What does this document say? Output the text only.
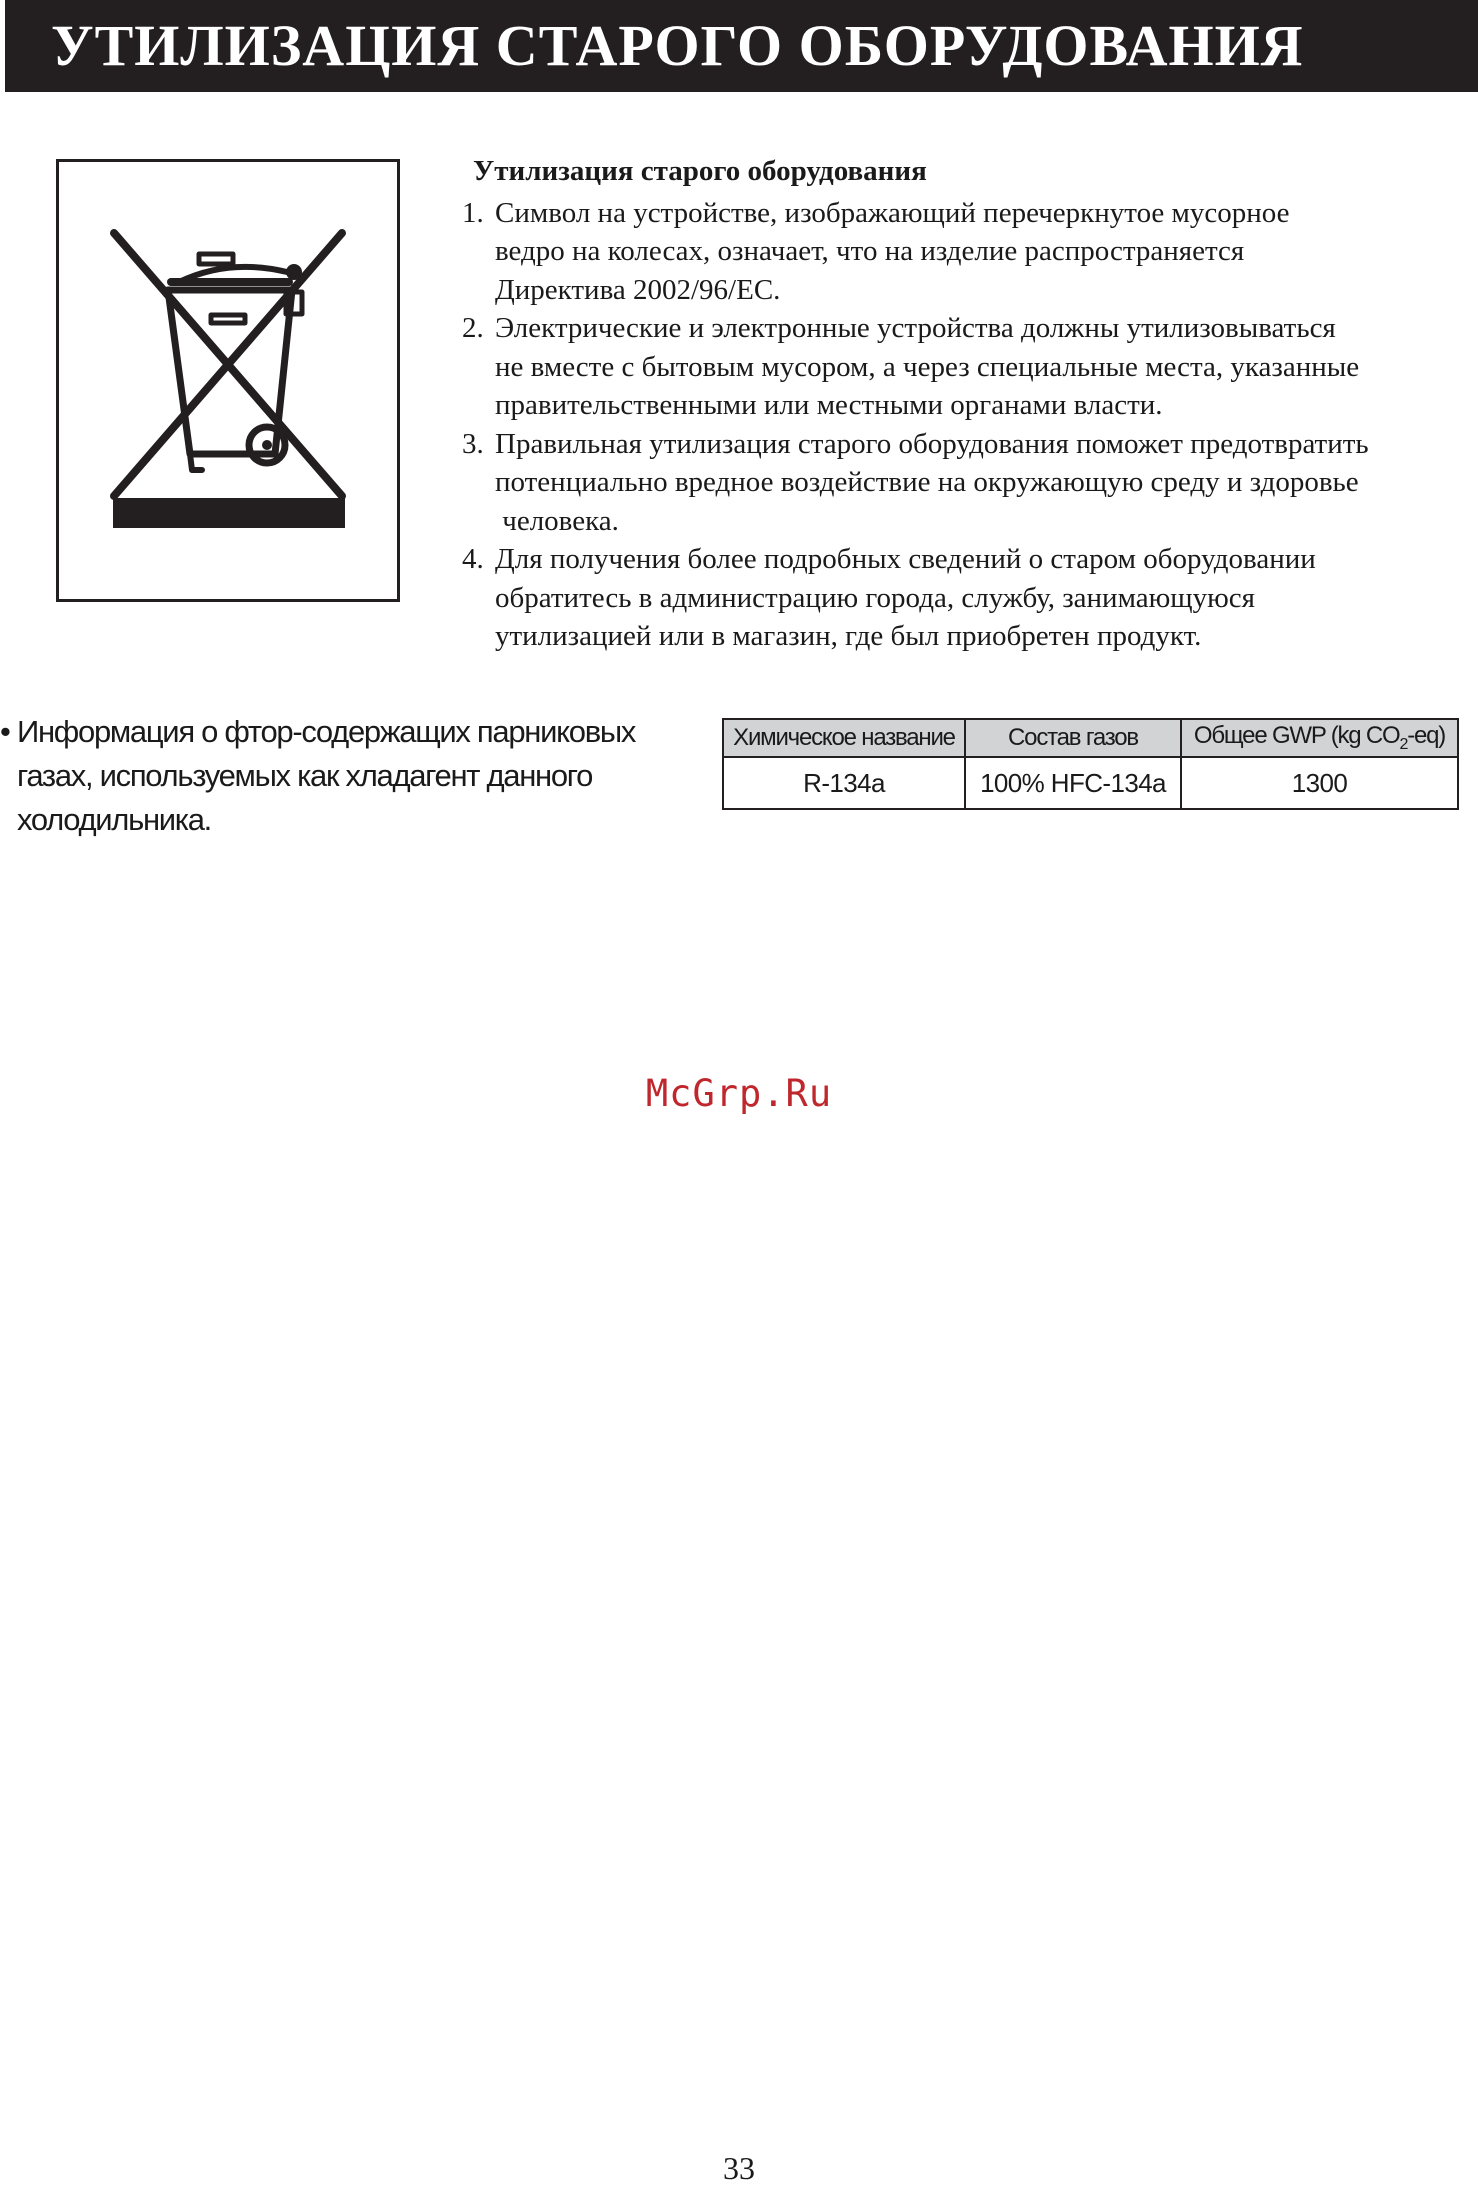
УТИЛИЗАЦИЯ СТАРОГО ОБОРУДОВАНИЯ

Утилизация старого оборудования

1. Символ на устройстве, изображающий перечеркнутое мусорное
ведро на колесах, означает, что на изделие распространяется
Директива 2002/96/EC.
2. Электрические и электронные устройства должны утилизовываться
не вместе с бытовым мусором, а через специальные места, указанные
правительственными или местными органами власти.
3. Правильная утилизация старого оборудования поможет предотвратить
потенциально вредное воздействие на окружающую среду и здоровье
человека.
4. Для получения более подробных сведений о старом оборудовании
обратитесь в администрацию города, службу, занимающуюся
утилизацией или в магазин, где был приобретен продукт.
• Информация о фтор-содержащих парниковых
газах, используемых как хладагент данного
холодильника.
Химическое название	Состав газов	Общее GWP (kg $CO_2-eq$)
R-134a	100% HFC-134a	1300
McGrp.Ru
33
